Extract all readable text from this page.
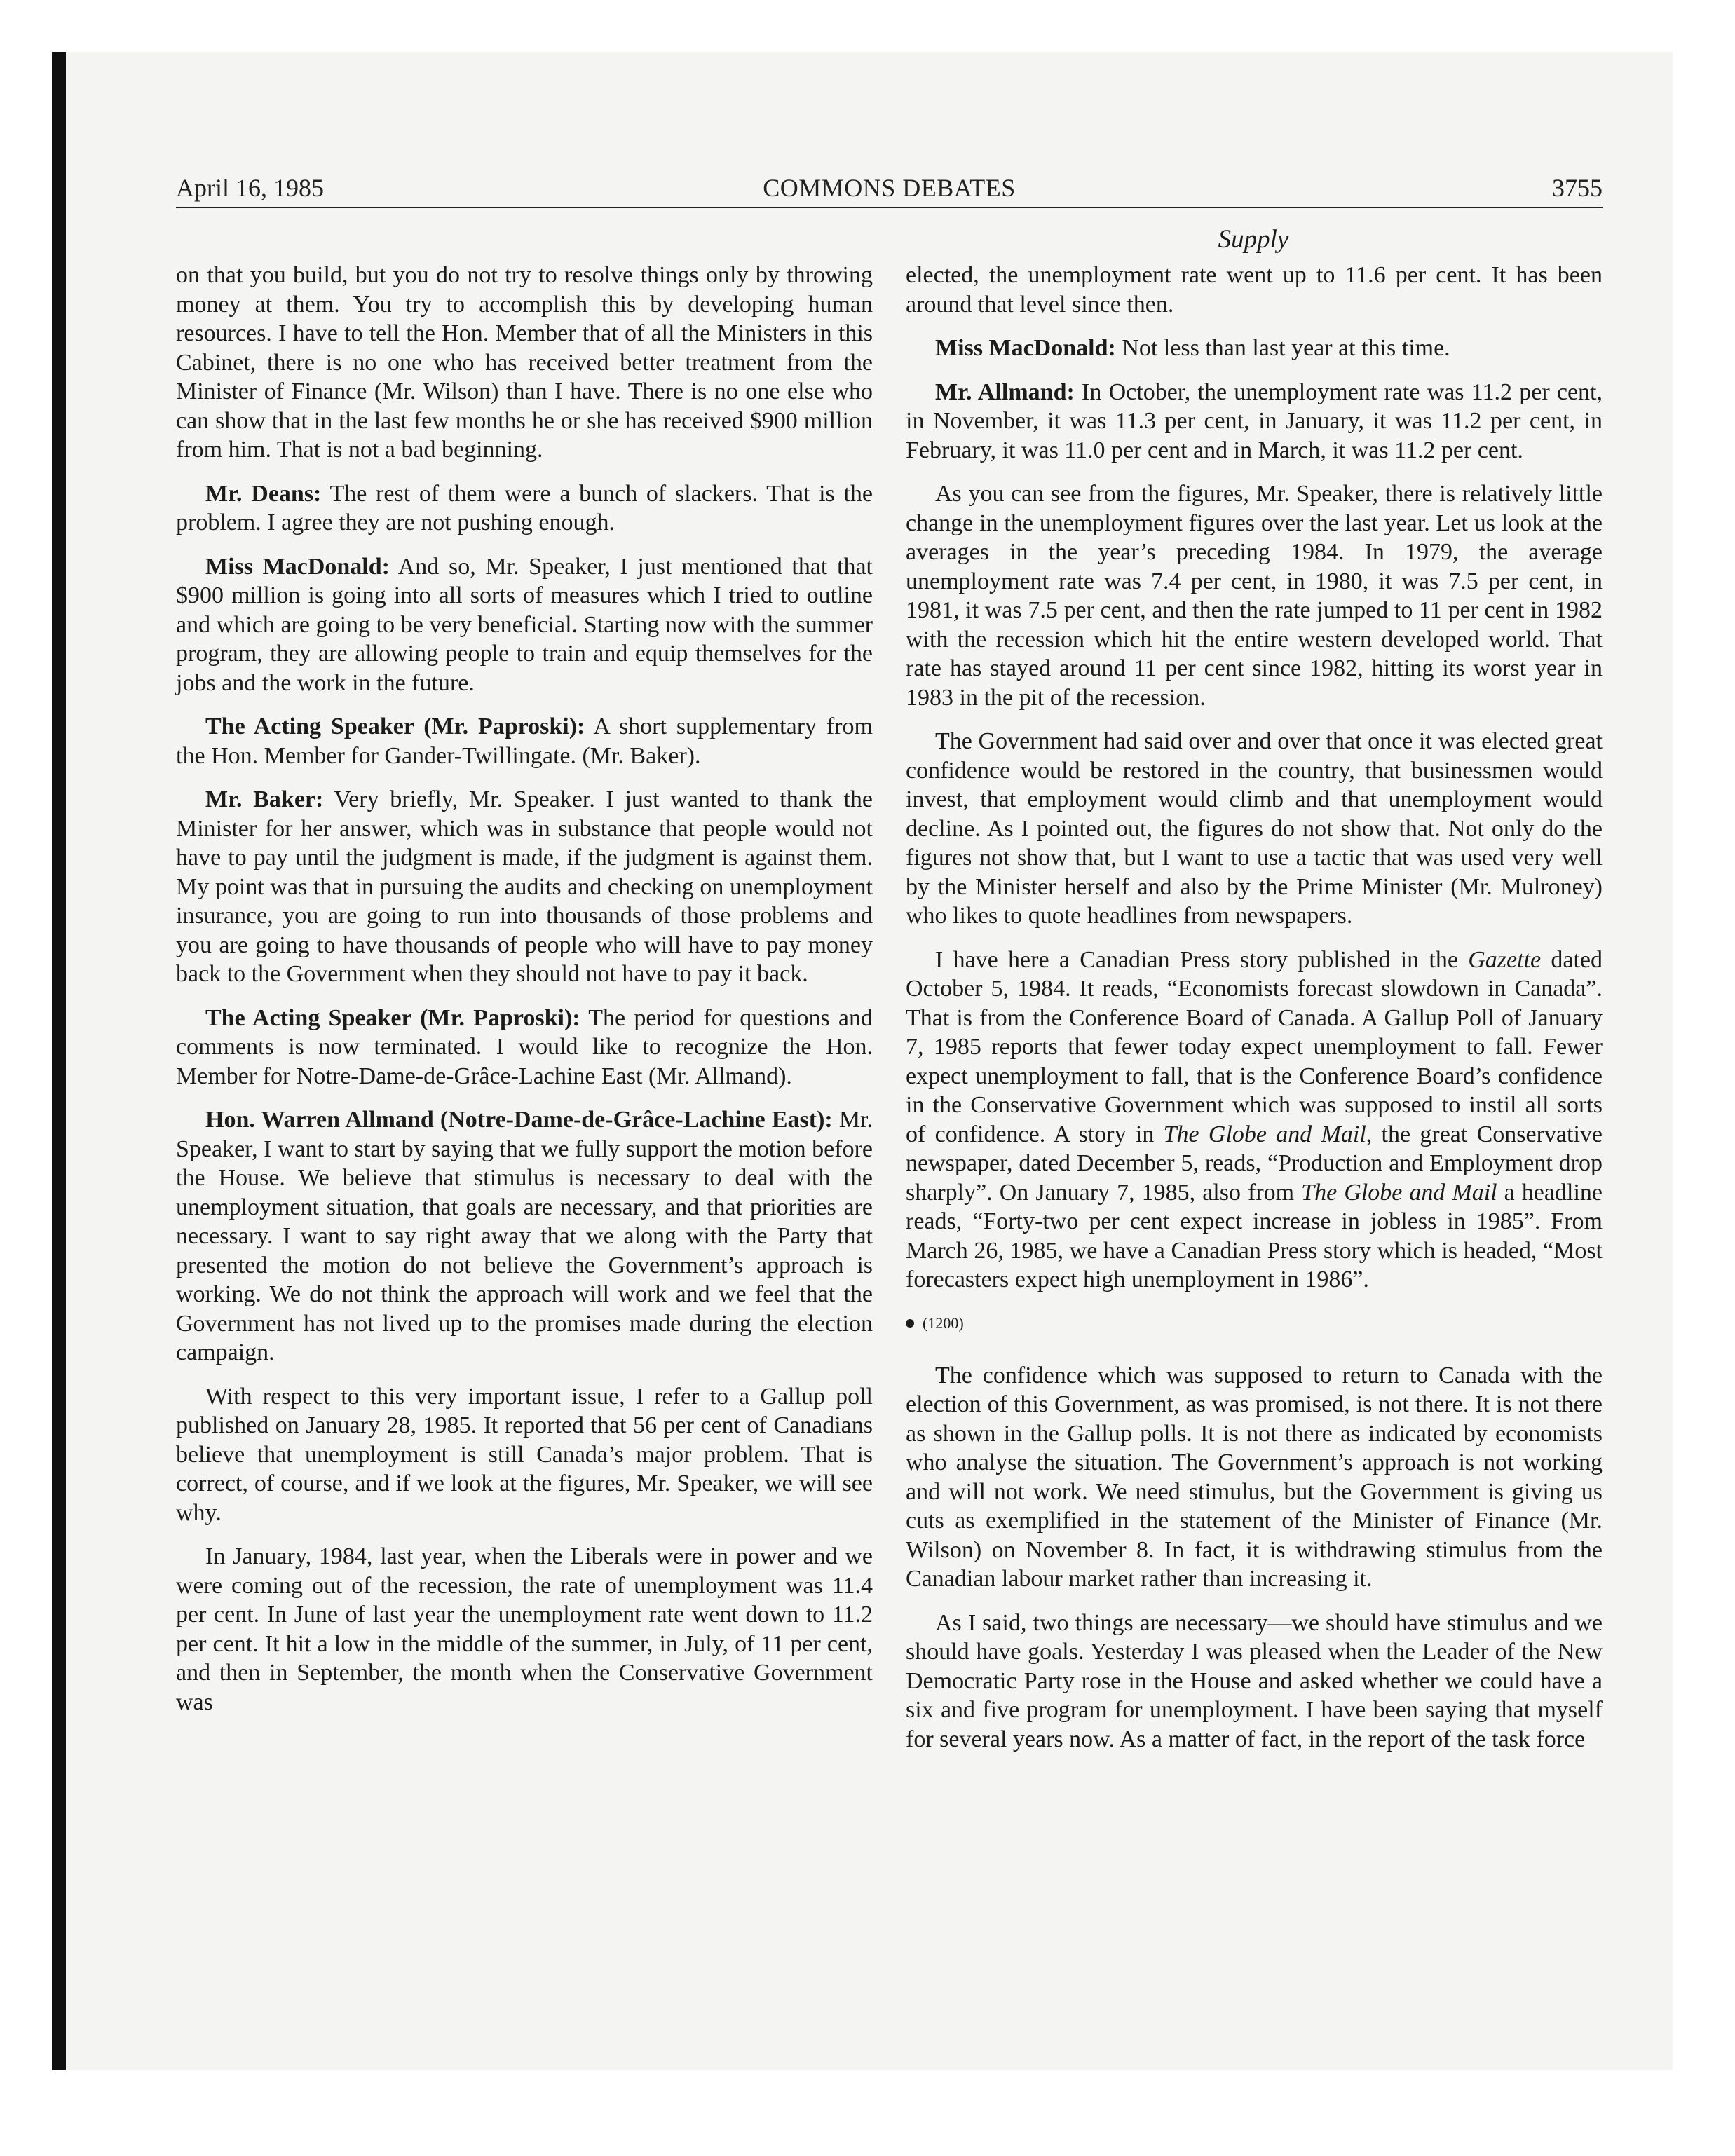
April 16, 1985	COMMONS DEBATES	3755
Supply

on that you build, but you do not try to resolve things only by throwing money at them. You try to accomplish this by developing human resources. I have to tell the Hon. Member that of all the Ministers in this Cabinet, there is no one who has received better treatment from the Minister of Finance (Mr. Wilson) than I have. There is no one else who can show that in the last few months he or she has received $900 million from him. That is not a bad beginning.

Mr. Deans: The rest of them were a bunch of slackers. That is the problem. I agree they are not pushing enough.

Miss MacDonald: And so, Mr. Speaker, I just mentioned that that $900 million is going into all sorts of measures which I tried to outline and which are going to be very beneficial. Starting now with the summer program, they are allowing people to train and equip themselves for the jobs and the work in the future.

The Acting Speaker (Mr. Paproski): A short supplementary from the Hon. Member for Gander-Twillingate. (Mr. Baker).

Mr. Baker: Very briefly, Mr. Speaker. I just wanted to thank the Minister for her answer, which was in substance that people would not have to pay until the judgment is made, if the judgment is against them. My point was that in pursuing the audits and checking on unemployment insurance, you are going to run into thousands of those problems and you are going to have thousands of people who will have to pay money back to the Government when they should not have to pay it back.

The Acting Speaker (Mr. Paproski): The period for questions and comments is now terminated. I would like to recognize the Hon. Member for Notre-Dame-de-Grâce-Lachine East (Mr. Allmand).

Hon. Warren Allmand (Notre-Dame-de-Grâce-Lachine East): Mr. Speaker, I want to start by saying that we fully support the motion before the House. We believe that stimulus is necessary to deal with the unemployment situation, that goals are necessary, and that priorities are necessary. I want to say right away that we along with the Party that presented the motion do not believe the Government’s approach is working. We do not think the approach will work and we feel that the Government has not lived up to the promises made during the election campaign.

With respect to this very important issue, I refer to a Gallup poll published on January 28, 1985. It reported that 56 per cent of Canadians believe that unemployment is still Canada’s major problem. That is correct, of course, and if we look at the figures, Mr. Speaker, we will see why.

In January, 1984, last year, when the Liberals were in power and we were coming out of the recession, the rate of unemployment was 11.4 per cent. In June of last year the unemployment rate went down to 11.2 per cent. It hit a low in the middle of the summer, in July, of 11 per cent, and then in September, the month when the Conservative Government was

elected, the unemployment rate went up to 11.6 per cent. It has been around that level since then.

Miss MacDonald: Not less than last year at this time.

Mr. Allmand: In October, the unemployment rate was 11.2 per cent, in November, it was 11.3 per cent, in January, it was 11.2 per cent, in February, it was 11.0 per cent and in March, it was 11.2 per cent.

As you can see from the figures, Mr. Speaker, there is relatively little change in the unemployment figures over the last year. Let us look at the averages in the year’s preceding 1984. In 1979, the average unemployment rate was 7.4 per cent, in 1980, it was 7.5 per cent, in 1981, it was 7.5 per cent, and then the rate jumped to 11 per cent in 1982 with the recession which hit the entire western developed world. That rate has stayed around 11 per cent since 1982, hitting its worst year in 1983 in the pit of the recession.

The Government had said over and over that once it was elected great confidence would be restored in the country, that businessmen would invest, that employment would climb and that unemployment would decline. As I pointed out, the figures do not show that. Not only do the figures not show that, but I want to use a tactic that was used very well by the Minister herself and also by the Prime Minister (Mr. Mulroney) who likes to quote headlines from newspapers.

I have here a Canadian Press story published in the Gazette dated October 5, 1984. It reads, “Economists forecast slowdown in Canada”. That is from the Conference Board of Canada. A Gallup Poll of January 7, 1985 reports that fewer today expect unemployment to fall. Fewer expect unemployment to fall, that is the Conference Board’s confidence in the Conservative Government which was supposed to instil all sorts of confidence. A story in The Globe and Mail, the great Conservative newspaper, dated December 5, reads, “Production and Employment drop sharply”. On January 7, 1985, also from The Globe and Mail a headline reads, “Forty-two per cent expect increase in jobless in 1985”. From March 26, 1985, we have a Canadian Press story which is headed, “Most forecasters expect high unemployment in 1986”.

(1200)

The confidence which was supposed to return to Canada with the election of this Government, as was promised, is not there. It is not there as shown in the Gallup polls. It is not there as indicated by economists who analyse the situation. The Government’s approach is not working and will not work. We need stimulus, but the Government is giving us cuts as exemplified in the statement of the Minister of Finance (Mr. Wilson) on November 8. In fact, it is withdrawing stimulus from the Canadian labour market rather than increasing it.

As I said, two things are necessary—we should have stimulus and we should have goals. Yesterday I was pleased when the Leader of the New Democratic Party rose in the House and asked whether we could have a six and five program for unemployment. I have been saying that myself for several years now. As a matter of fact, in the report of the task force
